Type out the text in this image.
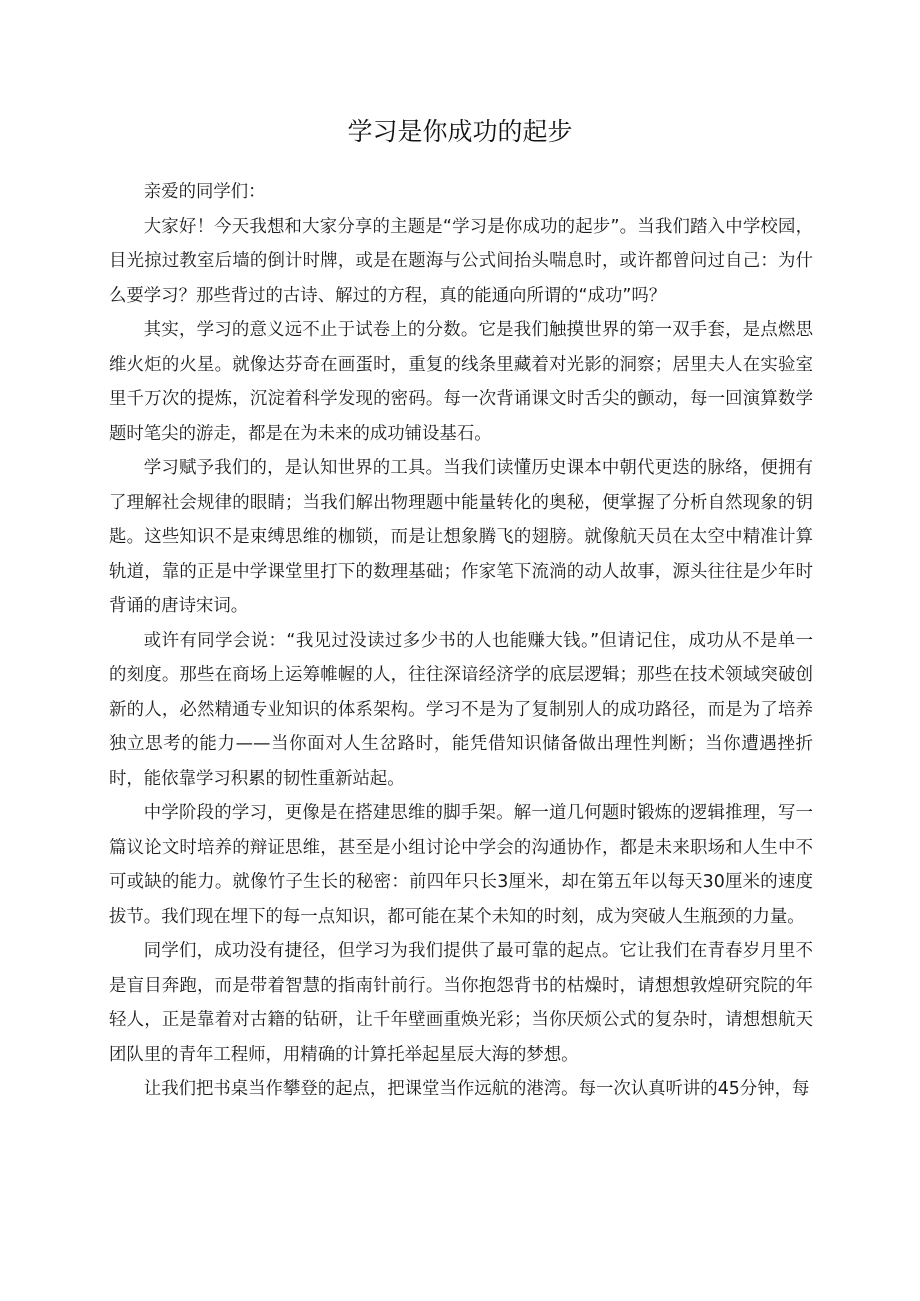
学习是你成功的起步

亲爱的同学们：

大家好！今天我想和大家分享的主题是“学习是你成功的起步”。当我们踏入中学校园，目光掠过教室后墙的倒计时牌，或是在题海与公式间抬头喘息时，或许都曾问过自己：为什么要学习？那些背过的古诗、解过的方程，真的能通向所谓的“成功”吗？

其实，学习的意义远不止于试卷上的分数。它是我们触摸世界的第一双手套，是点燃思维火炬的火星。就像达芬奇在画蛋时，重复的线条里藏着对光影的洞察；居里夫人在实验室里千万次的提炼，沉淀着科学发现的密码。每一次背诵课文时舌尖的颤动，每一回演算数学题时笔尖的游走，都是在为未来的成功铺设基石。

学习赋予我们的，是认知世界的工具。当我们读懂历史课本中朝代更迭的脉络，便拥有了理解社会规律的眼睛；当我们解出物理题中能量转化的奥秘，便掌握了分析自然现象的钥匙。这些知识不是束缚思维的枷锁，而是让想象腾飞的翅膀。就像航天员在太空中精准计算轨道，靠的正是中学课堂里打下的数理基础；作家笔下流淌的动人故事，源头往往是少年时背诵的唐诗宋词。

或许有同学会说：“我见过没读过多少书的人也能赚大钱。”但请记住，成功从不是单一的刻度。那些在商场上运筹帷幄的人，往往深谙经济学的底层逻辑；那些在技术领域突破创新的人，必然精通专业知识的体系架构。学习不是为了复制别人的成功路径，而是为了培养独立思考的能力——当你面对人生岔路时，能凭借知识储备做出理性判断；当你遭遇挫折时，能依靠学习积累的韧性重新站起。

中学阶段的学习，更像是在搭建思维的脚手架。解一道几何题时锻炼的逻辑推理，写一篇议论文时培养的辩证思维，甚至是小组讨论中学会的沟通协作，都是未来职场和人生中不可或缺的能力。就像竹子生长的秘密：前四年只长3厘米，却在第五年以每天30厘米的速度拔节。我们现在埋下的每一点知识，都可能在某个未知的时刻，成为突破人生瓶颈的力量。

同学们，成功没有捷径，但学习为我们提供了最可靠的起点。它让我们在青春岁月里不是盲目奔跑，而是带着智慧的指南针前行。当你抱怨背书的枯燥时，请想想敦煌研究院的年轻人，正是靠着对古籍的钻研，让千年壁画重焕光彩；当你厌烦公式的复杂时，请想想航天团队里的青年工程师，用精确的计算托举起星辰大海的梦想。

让我们把书桌当作攀登的起点，把课堂当作远航的港湾。每一次认真听讲的45分钟，每
